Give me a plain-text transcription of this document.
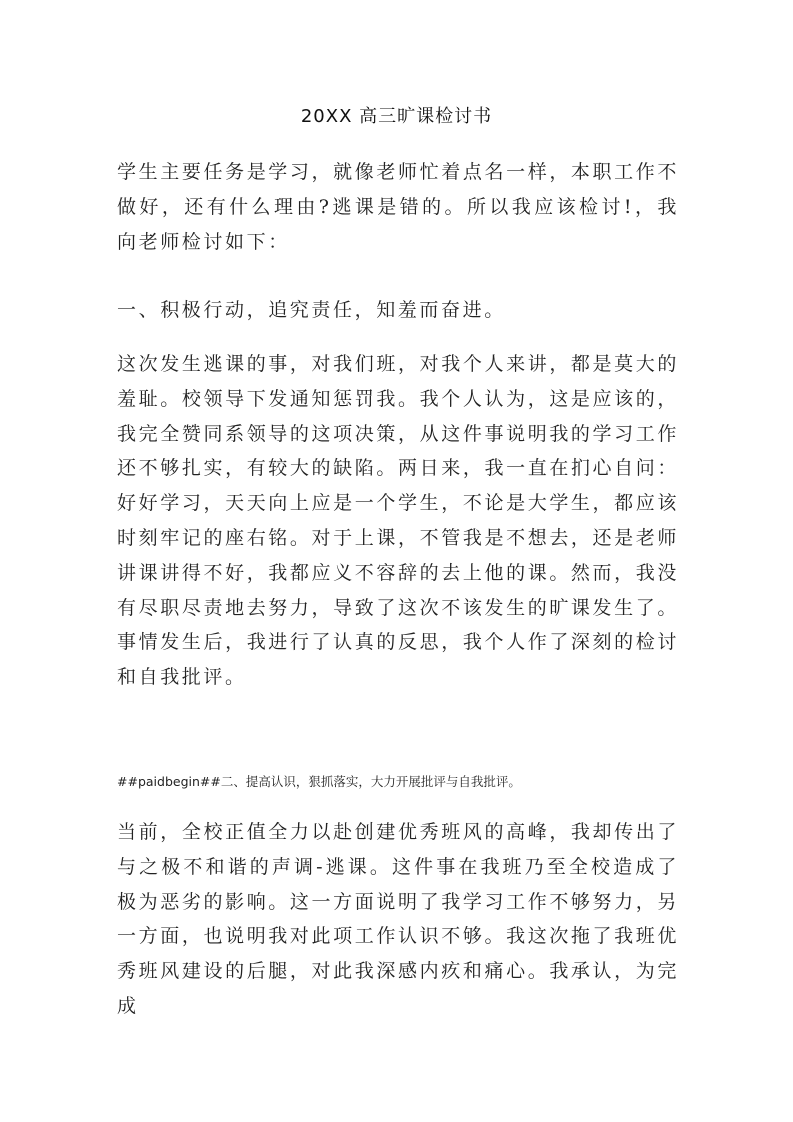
20XX 高三旷课检讨书

学生主要任务是学习，就像老师忙着点名一样，本职工作不做好，还有什么理由?逃课是错的。所以我应该检讨!，我向老师检讨如下：

一、积极行动，追究责任，知羞而奋进。

这次发生逃课的事，对我们班，对我个人来讲，都是莫大的羞耻。校领导下发通知惩罚我。我个人认为，这是应该的，我完全赞同系领导的这项决策，从这件事说明我的学习工作还不够扎实，有较大的缺陷。两日来，我一直在扪心自问：好好学习，天天向上应是一个学生，不论是大学生，都应该时刻牢记的座右铭。对于上课，不管我是不想去，还是老师讲课讲得不好，我都应义不容辞的去上他的课。然而，我没有尽职尽责地去努力，导致了这次不该发生的旷课发生了。事情发生后，我进行了认真的反思，我个人作了深刻的检讨和自我批评。

##paidbegin##二、提高认识，狠抓落实，大力开展批评与自我批评。

当前，全校正值全力以赴创建优秀班风的高峰，我却传出了与之极不和谐的声调-逃课。这件事在我班乃至全校造成了极为恶劣的影响。这一方面说明了我学习工作不够努力，另一方面，也说明我对此项工作认识不够。我这次拖了我班优秀班风建设的后腿，对此我深感内疚和痛心。我承认，为完成
